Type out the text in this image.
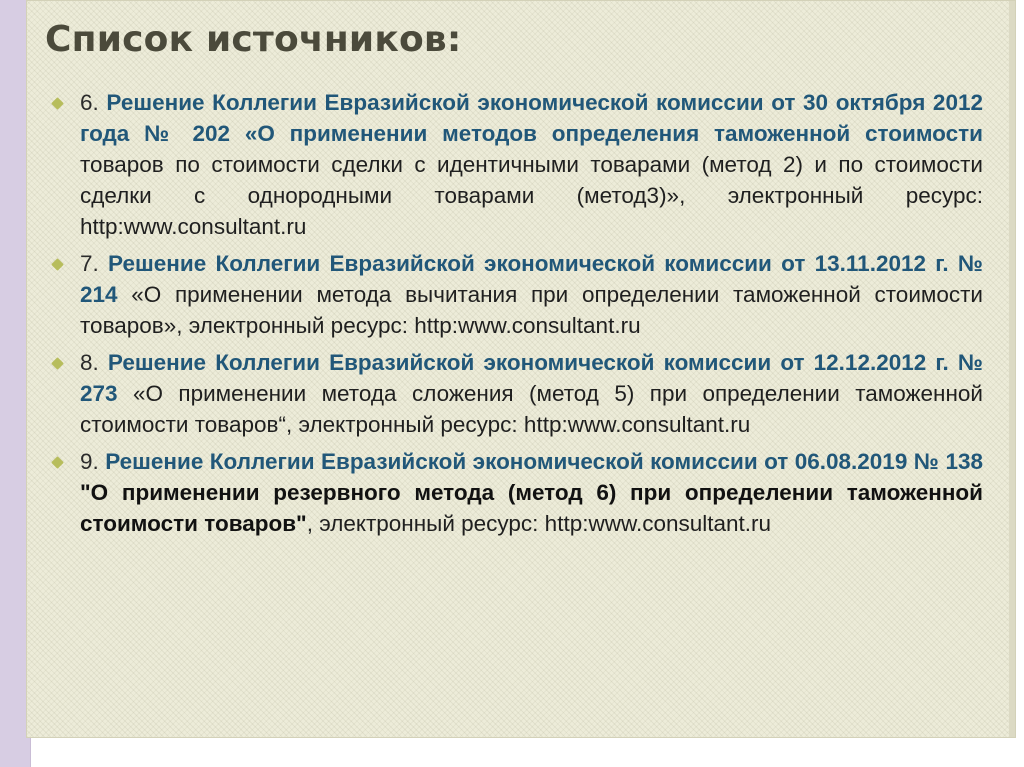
Список источников:
6. Решение Коллегии Евразийской экономической комиссии от 30 октября 2012 года № 202 «О применении методов определения таможенной стоимости товаров по стоимости сделки с идентичными товарами (метод 2) и по стоимости сделки с однородными товарами (метод3)», электронный ресурс: http:www.consultant.ru
7. Решение Коллегии Евразийской экономической комиссии от 13.11.2012 г. № 214 «О применении метода вычитания при определении таможенной стоимости товаров», электронный ресурс: http:www.consultant.ru
8. Решение Коллегии Евразийской экономической комиссии от 12.12.2012 г. № 273 «О применении метода сложения (метод 5) при определении таможенной стоимости товаров“, электронный ресурс: http:www.consultant.ru
9. Решение Коллегии Евразийской экономической комиссии от 06.08.2019 № 138 "О применении резервного метода (метод 6) при определении таможенной стоимости товаров", электронный ресурс: http:www.consultant.ru
